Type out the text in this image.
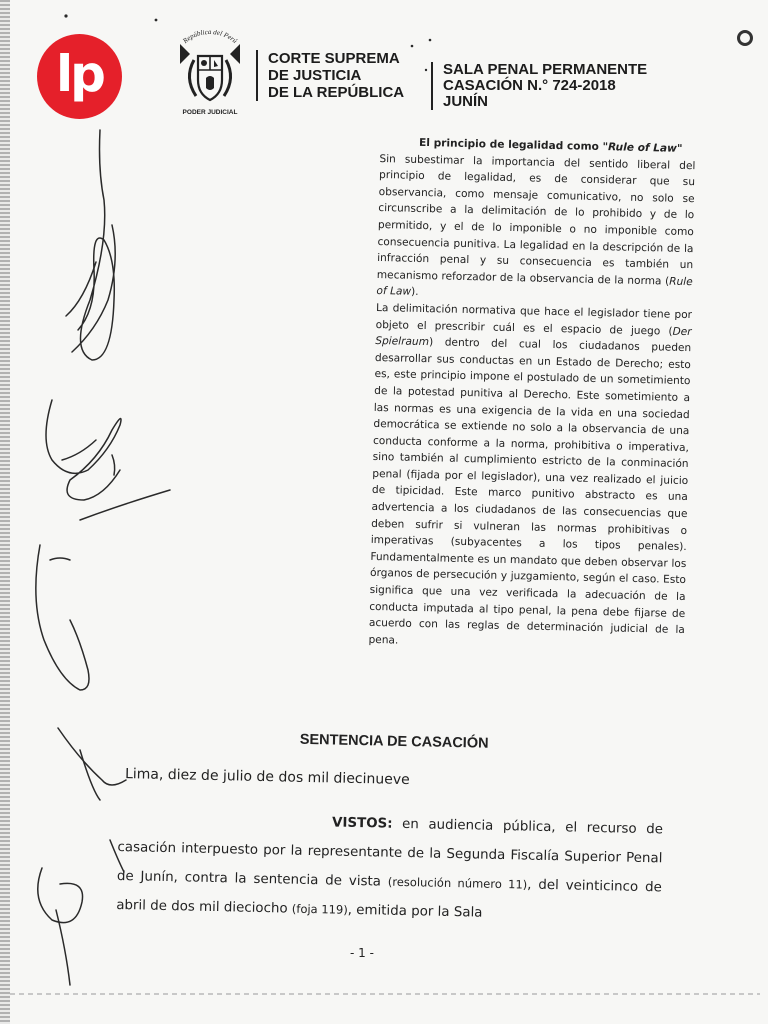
lp
República del Perú
PODER JUDICIAL
CORTE SUPREMA
DE JUSTICIA
DE LA REPÚBLICA
SALA PENAL PERMANENTE
CASACIÓN N.° 724-2018
JUNÍN
El principio de legalidad como "Rule of Law"

Sin subestimar la importancia del sentido liberal del principio de legalidad, es de considerar que su observancia, como mensaje comunicativo, no solo se circunscribe a la delimitación de lo prohibido y de lo permitido, y el de lo imponible o no imponible como consecuencia punitiva. La legalidad en la descripción de la infracción penal y su consecuencia es también un mecanismo reforzador de la observancia de la norma (Rule of Law).

La delimitación normativa que hace el legislador tiene por objeto el prescribir cuál es el espacio de juego (Der Spielraum) dentro del cual los ciudadanos pueden desarrollar sus conductas en un Estado de Derecho; esto es, este principio impone el postulado de un sometimiento de la potestad punitiva al Derecho. Este sometimiento a las normas es una exigencia de la vida en una sociedad democrática se extiende no solo a la observancia de una conducta conforme a la norma, prohibitiva o imperativa, sino también al cumplimiento estricto de la conminación penal (fijada por el legislador), una vez realizado el juicio de tipicidad. Este marco punitivo abstracto es una advertencia a los ciudadanos de las consecuencias que deben sufrir si vulneran las normas prohibitivas o imperativas (subyacentes a los tipos penales). Fundamentalmente es un mandato que deben observar los órganos de persecución y juzgamiento, según el caso. Esto significa que una vez verificada la adecuación de la conducta imputada al tipo penal, la pena debe fijarse de acuerdo con las reglas de determinación judicial de la pena.

SENTENCIA DE CASACIÓN
Lima, diez de julio de dos mil diecinueve

VISTOS: en audiencia pública, el recurso de casación interpuesto por la representante de la Segunda Fiscalía Superior Penal de Junín, contra la sentencia de vista (resolución número 11), del veinticinco de abril de dos mil dieciocho (foja 119), emitida por la Sala

- 1 -
